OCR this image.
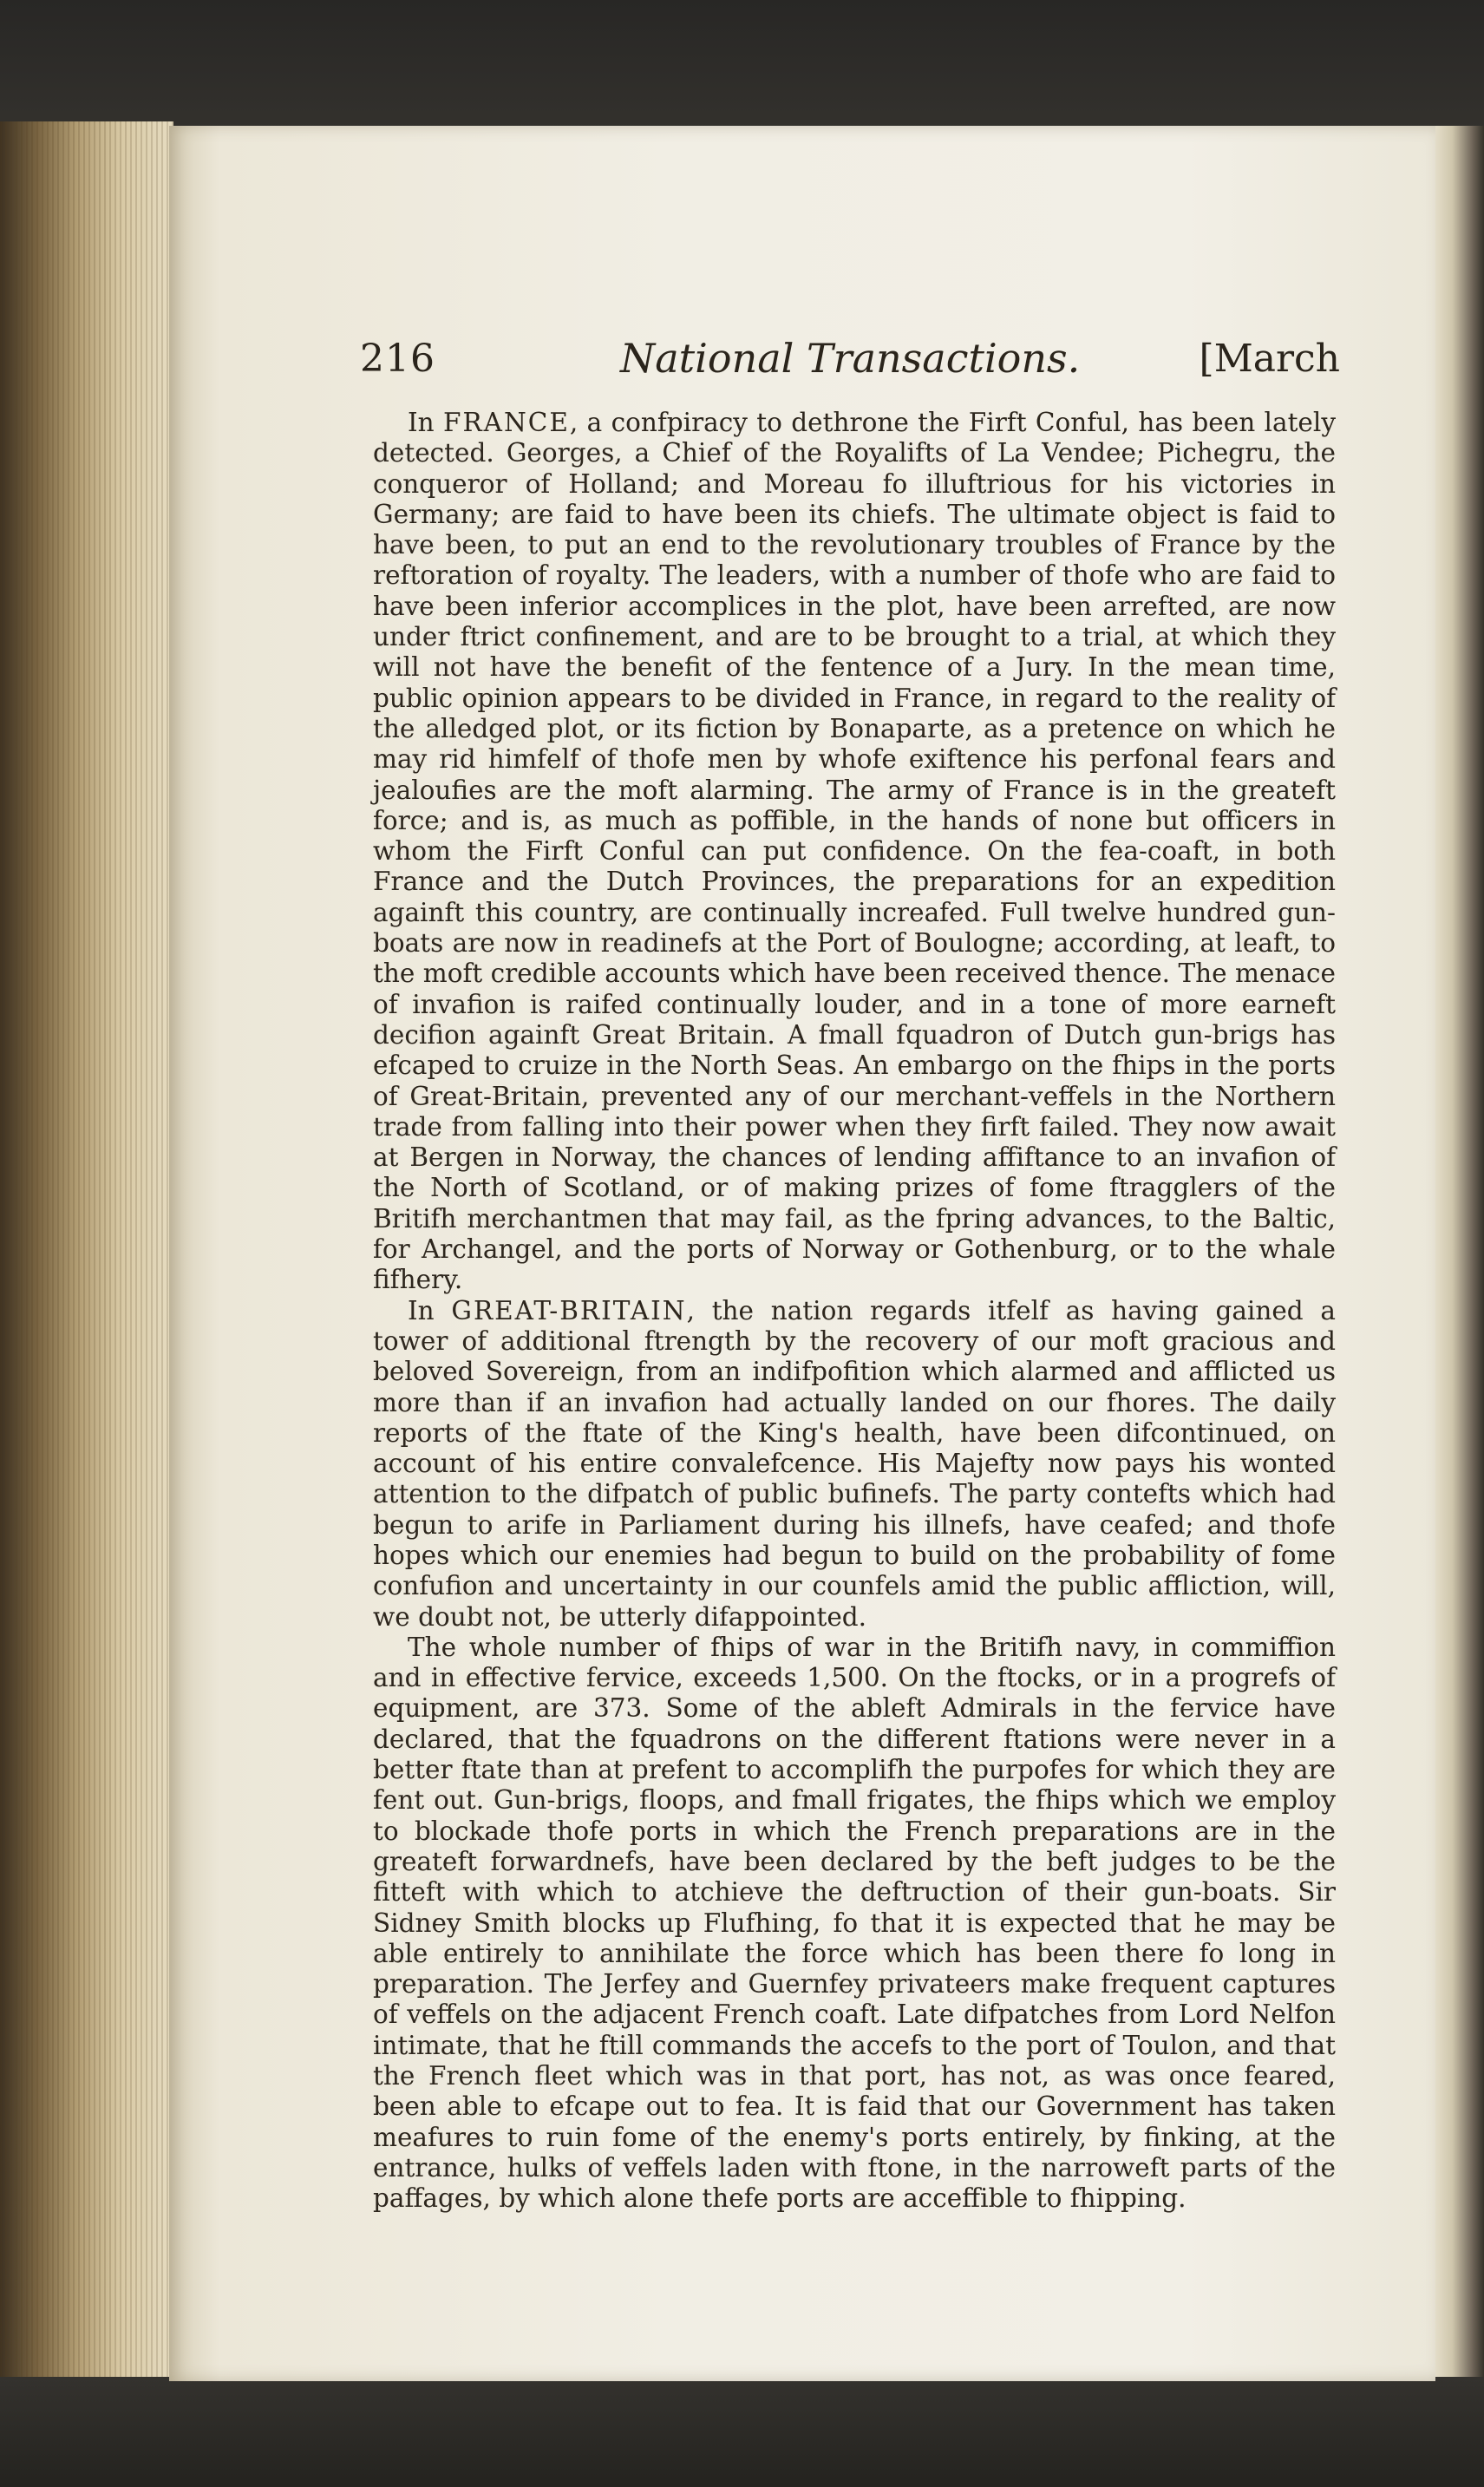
216	National Transactions.	[March

In FRANCE, a confpiracy to dethrone the Firft Conful, has been lately detected. Georges, a Chief of the Royalifts of La Vendee; Pichegru, the conqueror of Holland; and Moreau fo illuftrious for his victories in Germany; are faid to have been its chiefs. The ultimate object is faid to have been, to put an end to the revolutionary troubles of France by the reftoration of royalty. The leaders, with a number of thofe who are faid to have been inferior accomplices in the plot, have been arrefted, are now under ftrict confinement, and are to be brought to a trial, at which they will not have the benefit of the fentence of a Jury. In the mean time, public opinion appears to be divided in France, in regard to the reality of the alledged plot, or its fiction by Bonaparte, as a pretence on which he may rid himfelf of thofe men by whofe exiftence his perfonal fears and jealoufies are the moft alarming. The army of France is in the greateft force; and is, as much as poffible, in the hands of none but officers in whom the Firft Conful can put confidence. On the fea-coaft, in both France and the Dutch Provinces, the preparations for an expedition againft this country, are continually increafed. Full twelve hundred gun-boats are now in readinefs at the Port of Boulogne; according, at leaft, to the moft credible accounts which have been received thence. The menace of invafion is raifed continually louder, and in a tone of more earneft decifion againft Great Britain. A fmall fquadron of Dutch gun-brigs has efcaped to cruize in the North Seas. An embargo on the fhips in the ports of Great-Britain, prevented any of our merchant-veffels in the Northern trade from falling into their power when they firft failed. They now await at Bergen in Norway, the chances of lending affiftance to an invafion of the North of Scotland, or of making prizes of fome ftragglers of the Britifh merchantmen that may fail, as the fpring advances, to the Baltic, for Archangel, and the ports of Norway or Gothenburg, or to the whale fifhery.

In GREAT-BRITAIN, the nation regards itfelf as having gained a tower of additional ftrength by the recovery of our moft gracious and beloved Sovereign, from an indifpofition which alarmed and afflicted us more than if an invafion had actually landed on our fhores. The daily reports of the ftate of the King's health, have been difcontinued, on account of his entire convalefcence. His Majefty now pays his wonted attention to the difpatch of public bufinefs. The party contefts which had begun to arife in Parliament during his illnefs, have ceafed; and thofe hopes which our enemies had begun to build on the probability of fome confufion and uncertainty in our counfels amid the public affliction, will, we doubt not, be utterly difappointed.

The whole number of fhips of war in the Britifh navy, in commiffion and in effective fervice, exceeds 1,500. On the ftocks, or in a progrefs of equipment, are 373. Some of the ableft Admirals in the fervice have declared, that the fquadrons on the different ftations were never in a better ftate than at prefent to accomplifh the purpofes for which they are fent out. Gun-brigs, floops, and fmall frigates, the fhips which we employ to blockade thofe ports in which the French preparations are in the greateft forwardnefs, have been declared by the beft judges to be the fitteft with which to atchieve the deftruction of their gun-boats. Sir Sidney Smith blocks up Flufhing, fo that it is expected that he may be able entirely to annihilate the force which has been there fo long in preparation. The Jerfey and Guernfey privateers make frequent captures of veffels on the adjacent French coaft. Late difpatches from Lord Nelfon intimate, that he ftill commands the accefs to the port of Toulon, and that the French fleet which was in that port, has not, as was once feared, been able to efcape out to fea. It is faid that our Government has taken meafures to ruin fome of the enemy's ports entirely, by finking, at the entrance, hulks of veffels laden with ftone, in the narroweft parts of the paffages, by which alone thefe ports are acceffible to fhipping.
